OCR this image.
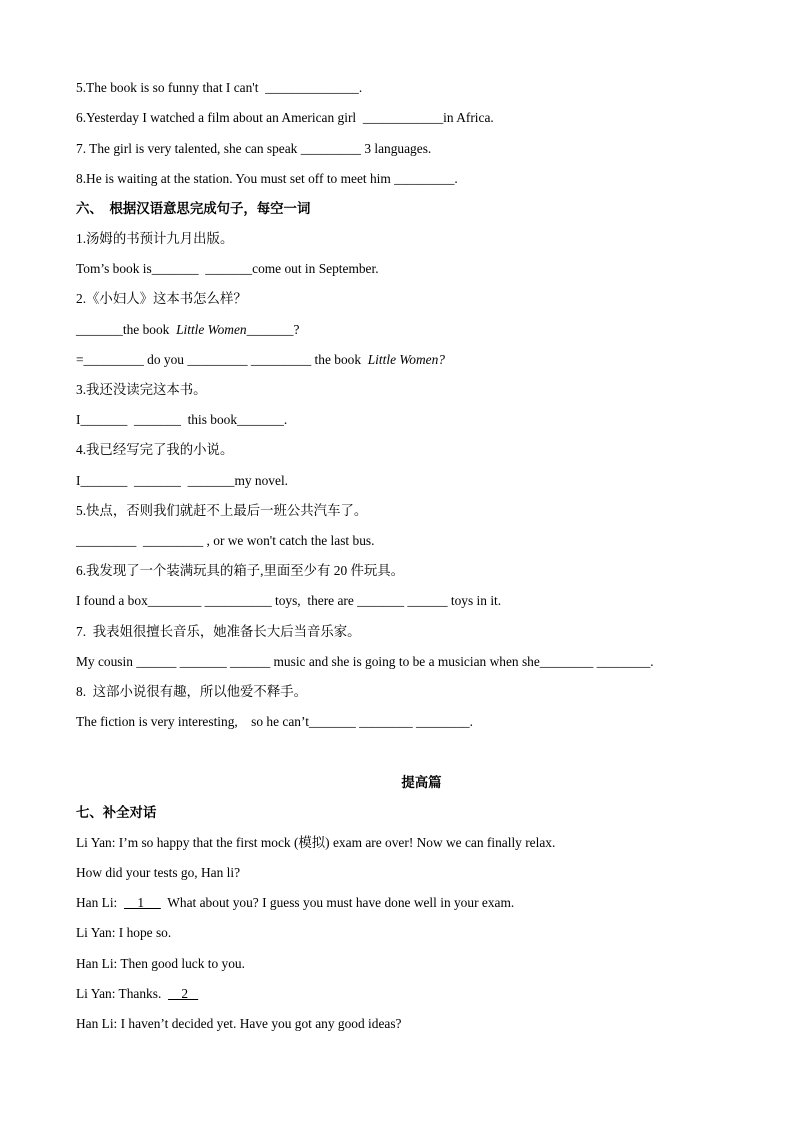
5.The book is so funny that I can't  ______________.
6.Yesterday I watched a film about an American girl  ____________in Africa.
7. The girl is very talented, she can speak _________ 3 languages.
8.He is waiting at the station. You must set off to meet him _________.
六、  根据汉语意思完成句子，每空一词
1.汤姆的书预计九月出版。
Tom’s book is_______  _______come out in September.
2.《小妇人》这本书怎么样？
_______the book  Little Women_______?
=_________ do you _________ _________ the book  Little Women?
3.我还没读完这本书。
I_______  _______  this book_______.
4.我已经写完了我的小说。
I_______  _______  _______my novel.
5.快点，否则我们就赶不上最后一班公共汽车了。
_________  _________ , or we won't catch the last bus.
6.我发现了一个装满玩具的箱子,里面至少有 20 件玩具。
I found a box________ __________ toys,  there are _______ ______ toys in it.
7.  我表姐很擅长音乐，她准备长大后当音乐家。
My cousin ______ _______ ______ music and she is going to be a musician when she________ ________.
8.  这部小说很有趣，所以他爱不释手。
The fiction is very interesting,    so he can’t_______ ________ ________.
提高篇
七、补全对话
Li Yan: I’m so happy that the first mock (模拟) exam are over! Now we can finally relax.
How did your tests go, Han li?
Han Li:      1       What about you? I guess you must have done well in your exam.
Li Yan: I hope so.
Han Li: Then good luck to you.
Li Yan: Thanks.      2
Han Li: I haven’t decided yet. Have you got any good ideas?
